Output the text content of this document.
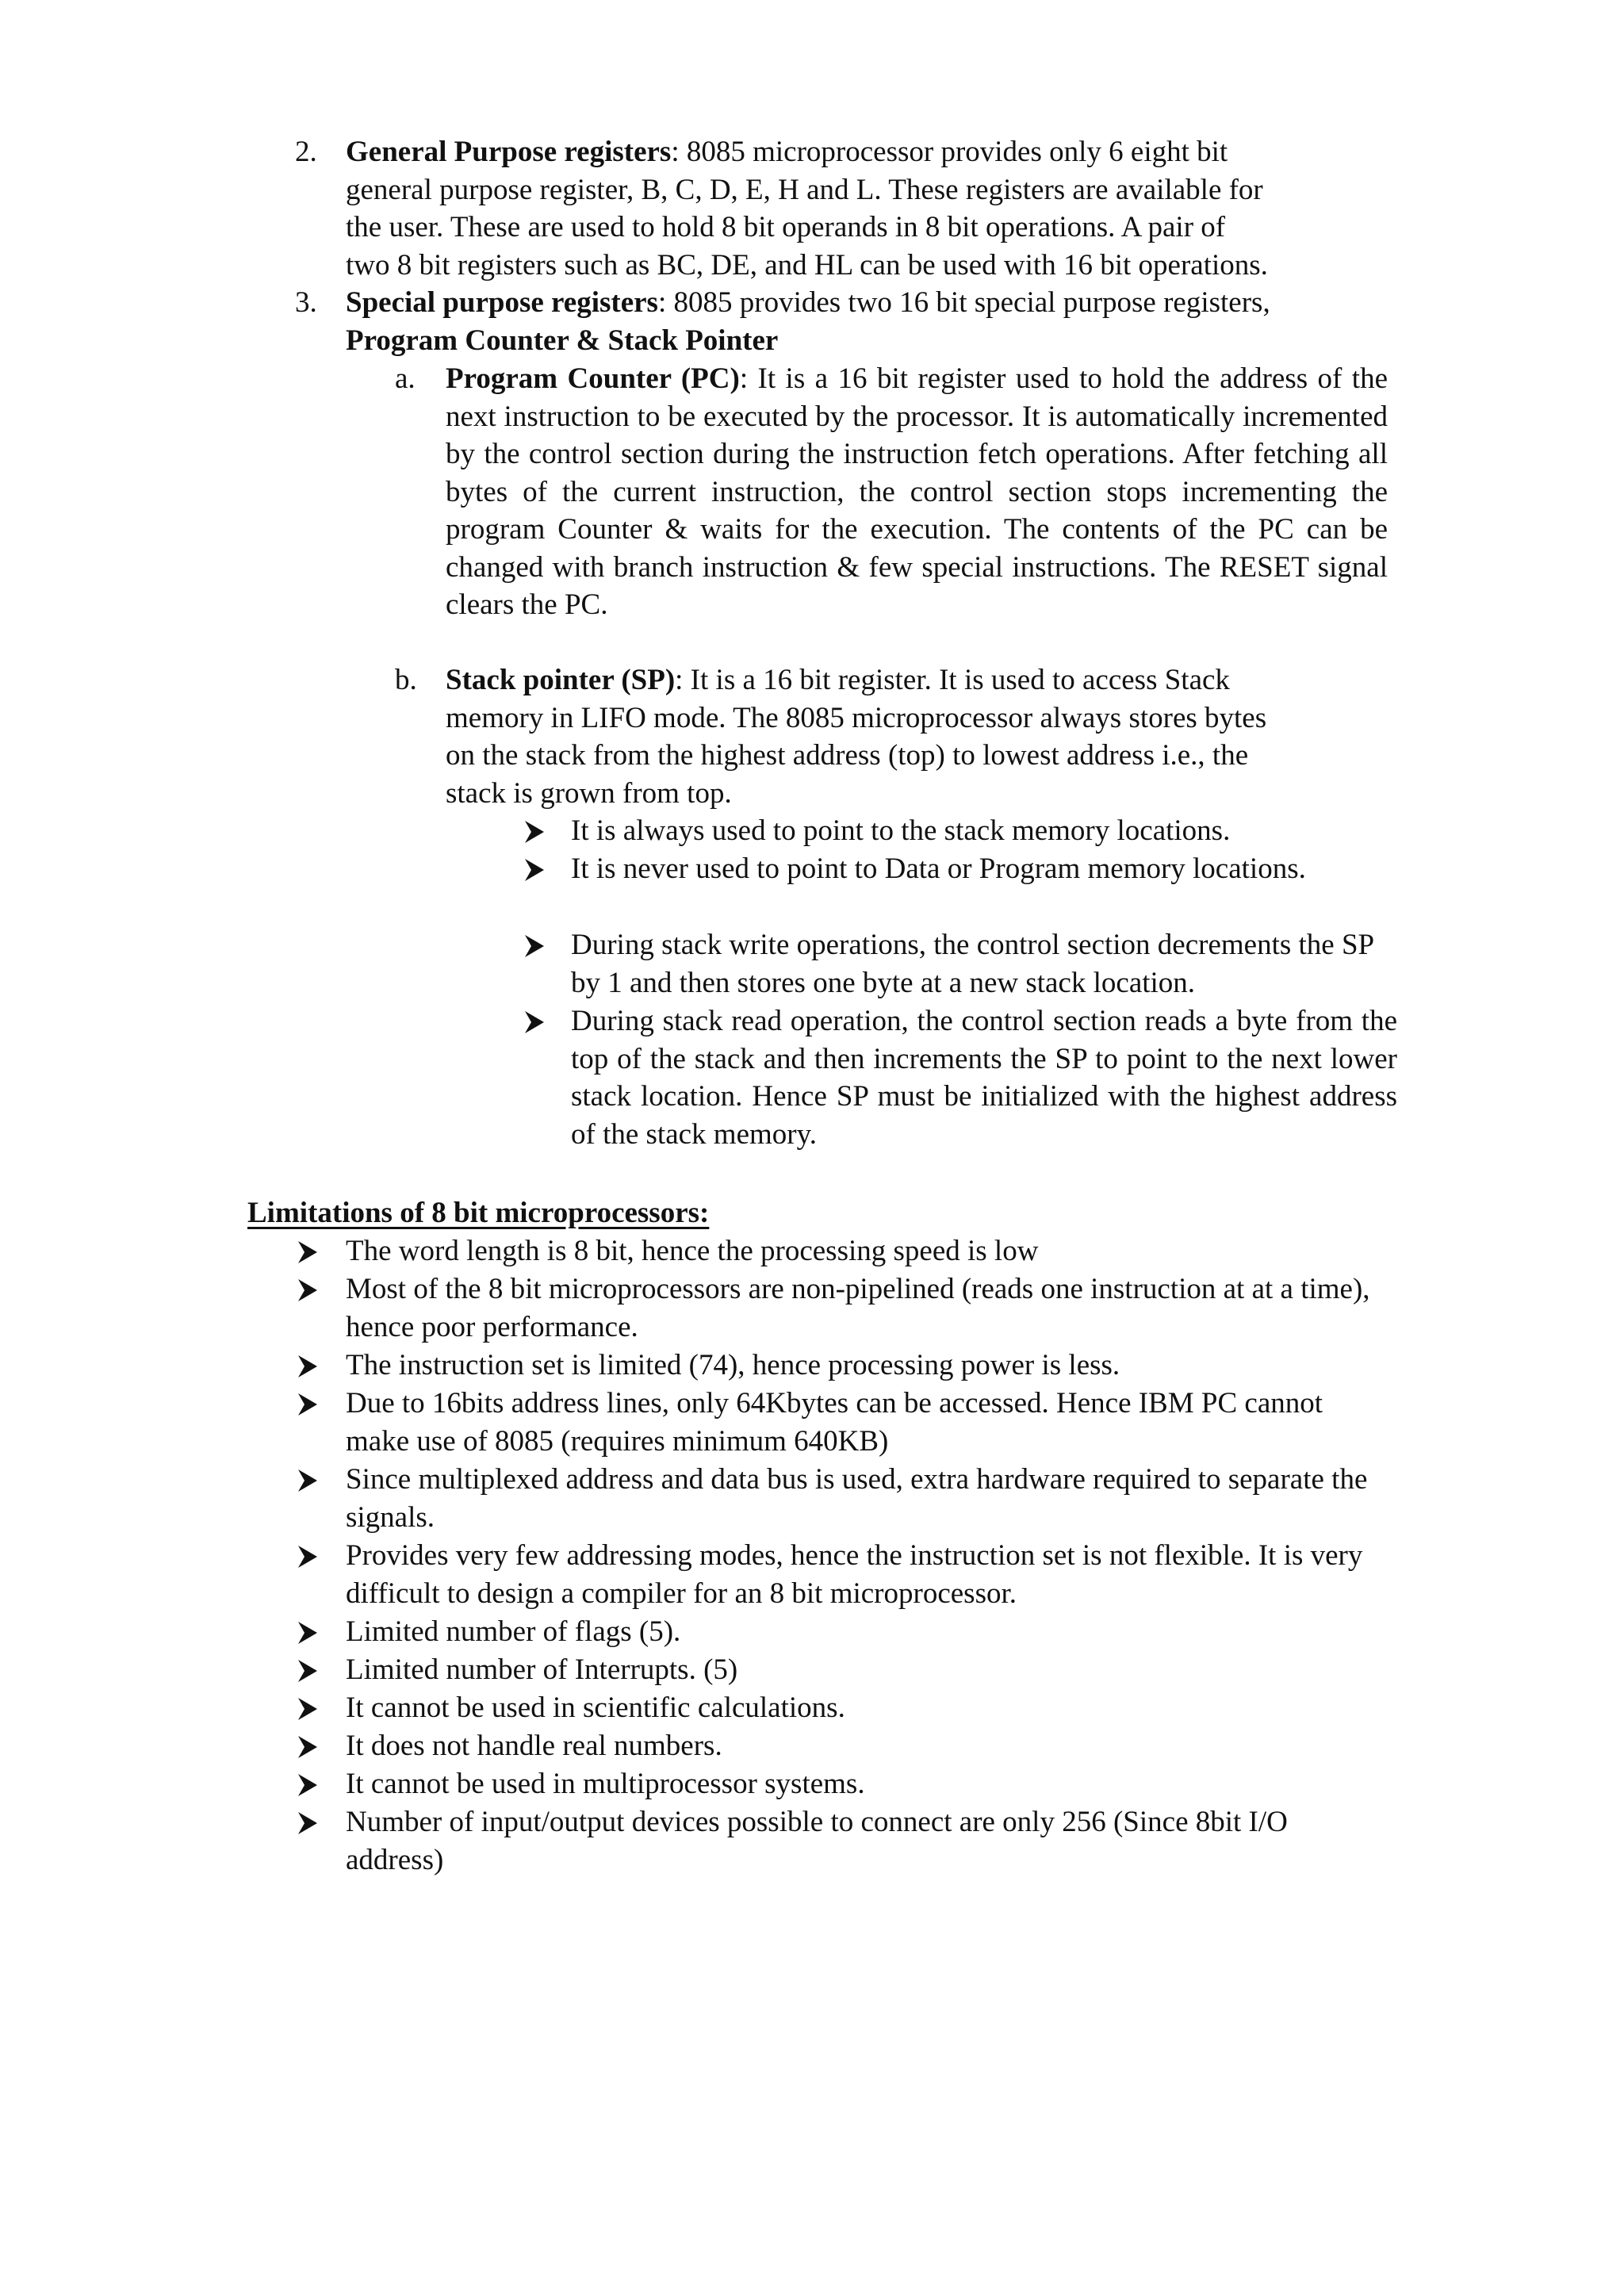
2. General Purpose registers: 8085 microprocessor provides only 6 eight bit
general purpose register, B, C, D, E, H and L. These registers are available for
the user. These are used to hold 8 bit operands in 8 bit operations. A pair of
two 8 bit registers such as BC, DE, and HL can be used with 16 bit operations.
3. Special purpose registers: 8085 provides two 16 bit special purpose registers,
Program Counter & Stack Pointer
a. Program Counter (PC): It is a 16 bit register used to hold the address of the next instruction to be executed by the processor. It is automatically incremented by the control section during the instruction fetch operations. After fetching all bytes of the current instruction, the control section stops incrementing the program Counter & waits for the execution. The contents of the PC can be changed with branch instruction & few special instructions. The RESET signal clears the PC.

b. Stack pointer (SP): It is a 16 bit register. It is used to access Stack
memory in LIFO mode. The 8085 microprocessor always stores bytes
on the stack from the highest address (top) to lowest address i.e., the
stack is grown from top.

It is always used to point to the stack memory locations.

It is never used to point to Data or Program memory locations.

During stack write operations, the control section decrements the SP by 1 and then stores one byte at a new stack location.

During stack read operation, the control section reads a byte from the top of the stack and then increments the SP to point to the next lower stack location. Hence SP must be initialized with the highest address of the stack memory.

Limitations of 8 bit microprocessors:

The word length is 8 bit, hence the processing speed is low

Most of the 8 bit microprocessors are non-pipelined (reads one instruction at at a time), hence poor performance.

The instruction set is limited (74), hence processing power is less.

Due to 16bits address lines, only 64Kbytes can be accessed. Hence IBM PC cannot make use of 8085 (requires minimum 640KB)

Since multiplexed address and data bus is used, extra hardware required to separate the signals.

Provides very few addressing modes, hence the instruction set is not flexible. It is very difficult to design a compiler for an 8 bit microprocessor.

Limited number of flags (5).

Limited number of Interrupts. (5)

It cannot be used in scientific calculations.

It does not handle real numbers.

It cannot be used in multiprocessor systems.

Number of input/output devices possible to connect are only 256 (Since 8bit I/O address)
